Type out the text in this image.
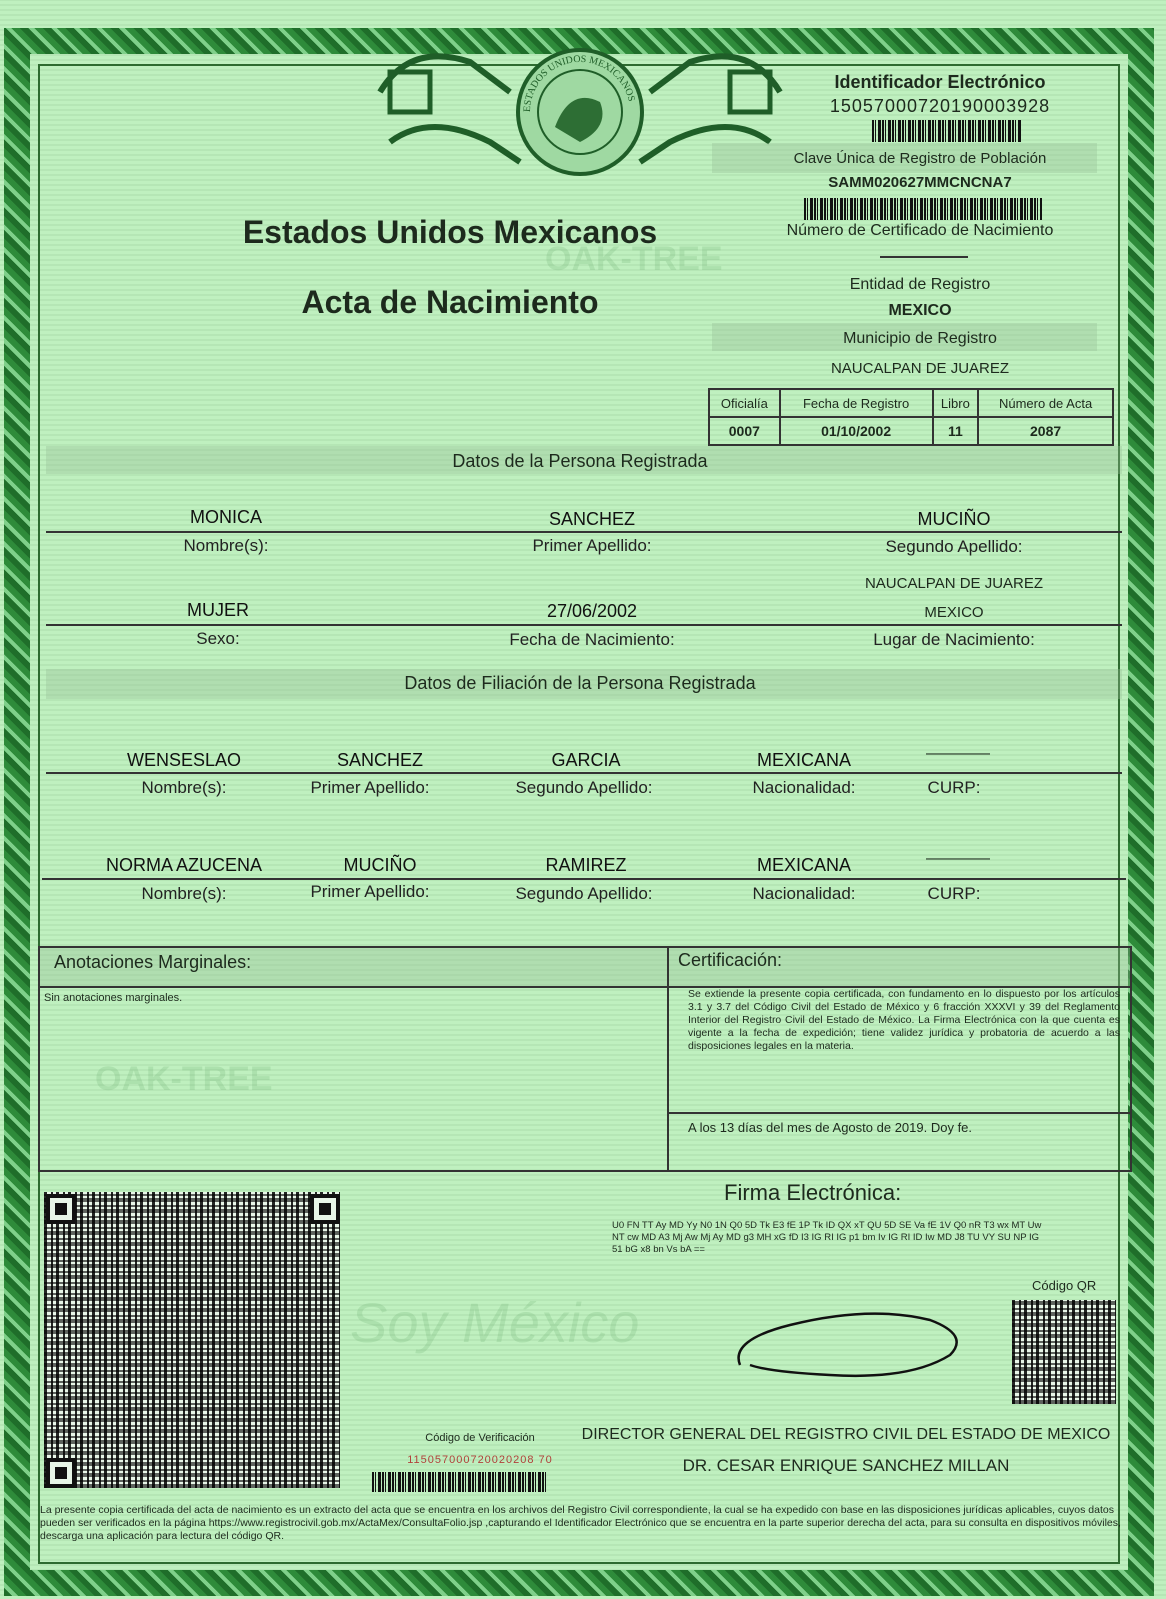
OAK-TREE
OAK-TREE
Soy México
ESTADOS UNIDOS MEXICANOS
Identificador Electrónico
15057000720190003928
Clave Única de Registro de Población
SAMM020627MMCNCNA7
Número de Certificado de Nacimiento
Entidad de Registro
MEXICO
Municipio de Registro
NAUCALPAN DE JUAREZ
Estados Unidos Mexicanos
Acta de Nacimiento
Oficialía	Fecha de Registro	Libro	Número de Acta
0007	01/10/2002	11	2087
Datos de la Persona Registrada
MONICA	SANCHEZ	MUCIÑO
Nombre(s):	Primer Apellido:	Segundo Apellido:
NAUCALPAN DE JUAREZ
MUJER	27/06/2002	MEXICO
Sexo:	Fecha de Nacimiento:	Lugar de Nacimiento:
Datos de Filiación de la Persona Registrada
WENSESLAO	SANCHEZ	GARCIA	MEXICANA	————
Nombre(s):	Primer Apellido:	Segundo Apellido:	Nacionalidad:	CURP:
NORMA AZUCENA	MUCIÑO	RAMIREZ	MEXICANA	————
Nombre(s):	Primer Apellido:	Segundo Apellido:	Nacionalidad:	CURP:
Anotaciones Marginales:
Sin anotaciones marginales.
Certificación:
Se extiende la presente copia certificada, con fundamento en lo dispuesto por los artículos 3.1 y 3.7 del Código Civil del Estado de México y 6 fracción XXXVI y 39 del Reglamento Interior del Registro Civil del Estado de México. La Firma Electrónica con la que cuenta es vigente a la fecha de expedición; tiene validez jurídica y probatoria de acuerdo a las disposiciones legales en la materia.
A los 13 días del mes de Agosto de 2019. Doy fe.
Firma Electrónica:
U0 FN TT Ay MD Yy N0 1N Q0 5D Tk E3 fE 1P Tk ID QX xT QU 5D SE Va fE 1V Q0 nR T3 wx MT Uw NT cw MD A3 Mj Aw Mj Ay MD g3 MH xG fD I3 IG RI IG p1 bm Iv IG RI ID Iw MD J8 TU VY SU NP IG 51 bG x8 bn Vs bA ==
Código QR
Código de Verificación
115057000720020208 70
DIRECTOR GENERAL DEL REGISTRO CIVIL DEL ESTADO DE MEXICO
DR. CESAR ENRIQUE SANCHEZ MILLAN
La presente copia certificada del acta de nacimiento es un extracto del acta que se encuentra en los archivos del Registro Civil correspondiente, la cual se ha expedido con base en las disposiciones jurídicas aplicables, cuyos datos pueden ser verificados en la página https://www.registrocivil.gob.mx/ActaMex/ConsultaFolio.jsp ,capturando el Identificador Electrónico que se encuentra en la parte superior derecha del acta, para su consulta en dispositivos móviles, descarga una aplicación para lectura del código QR.
